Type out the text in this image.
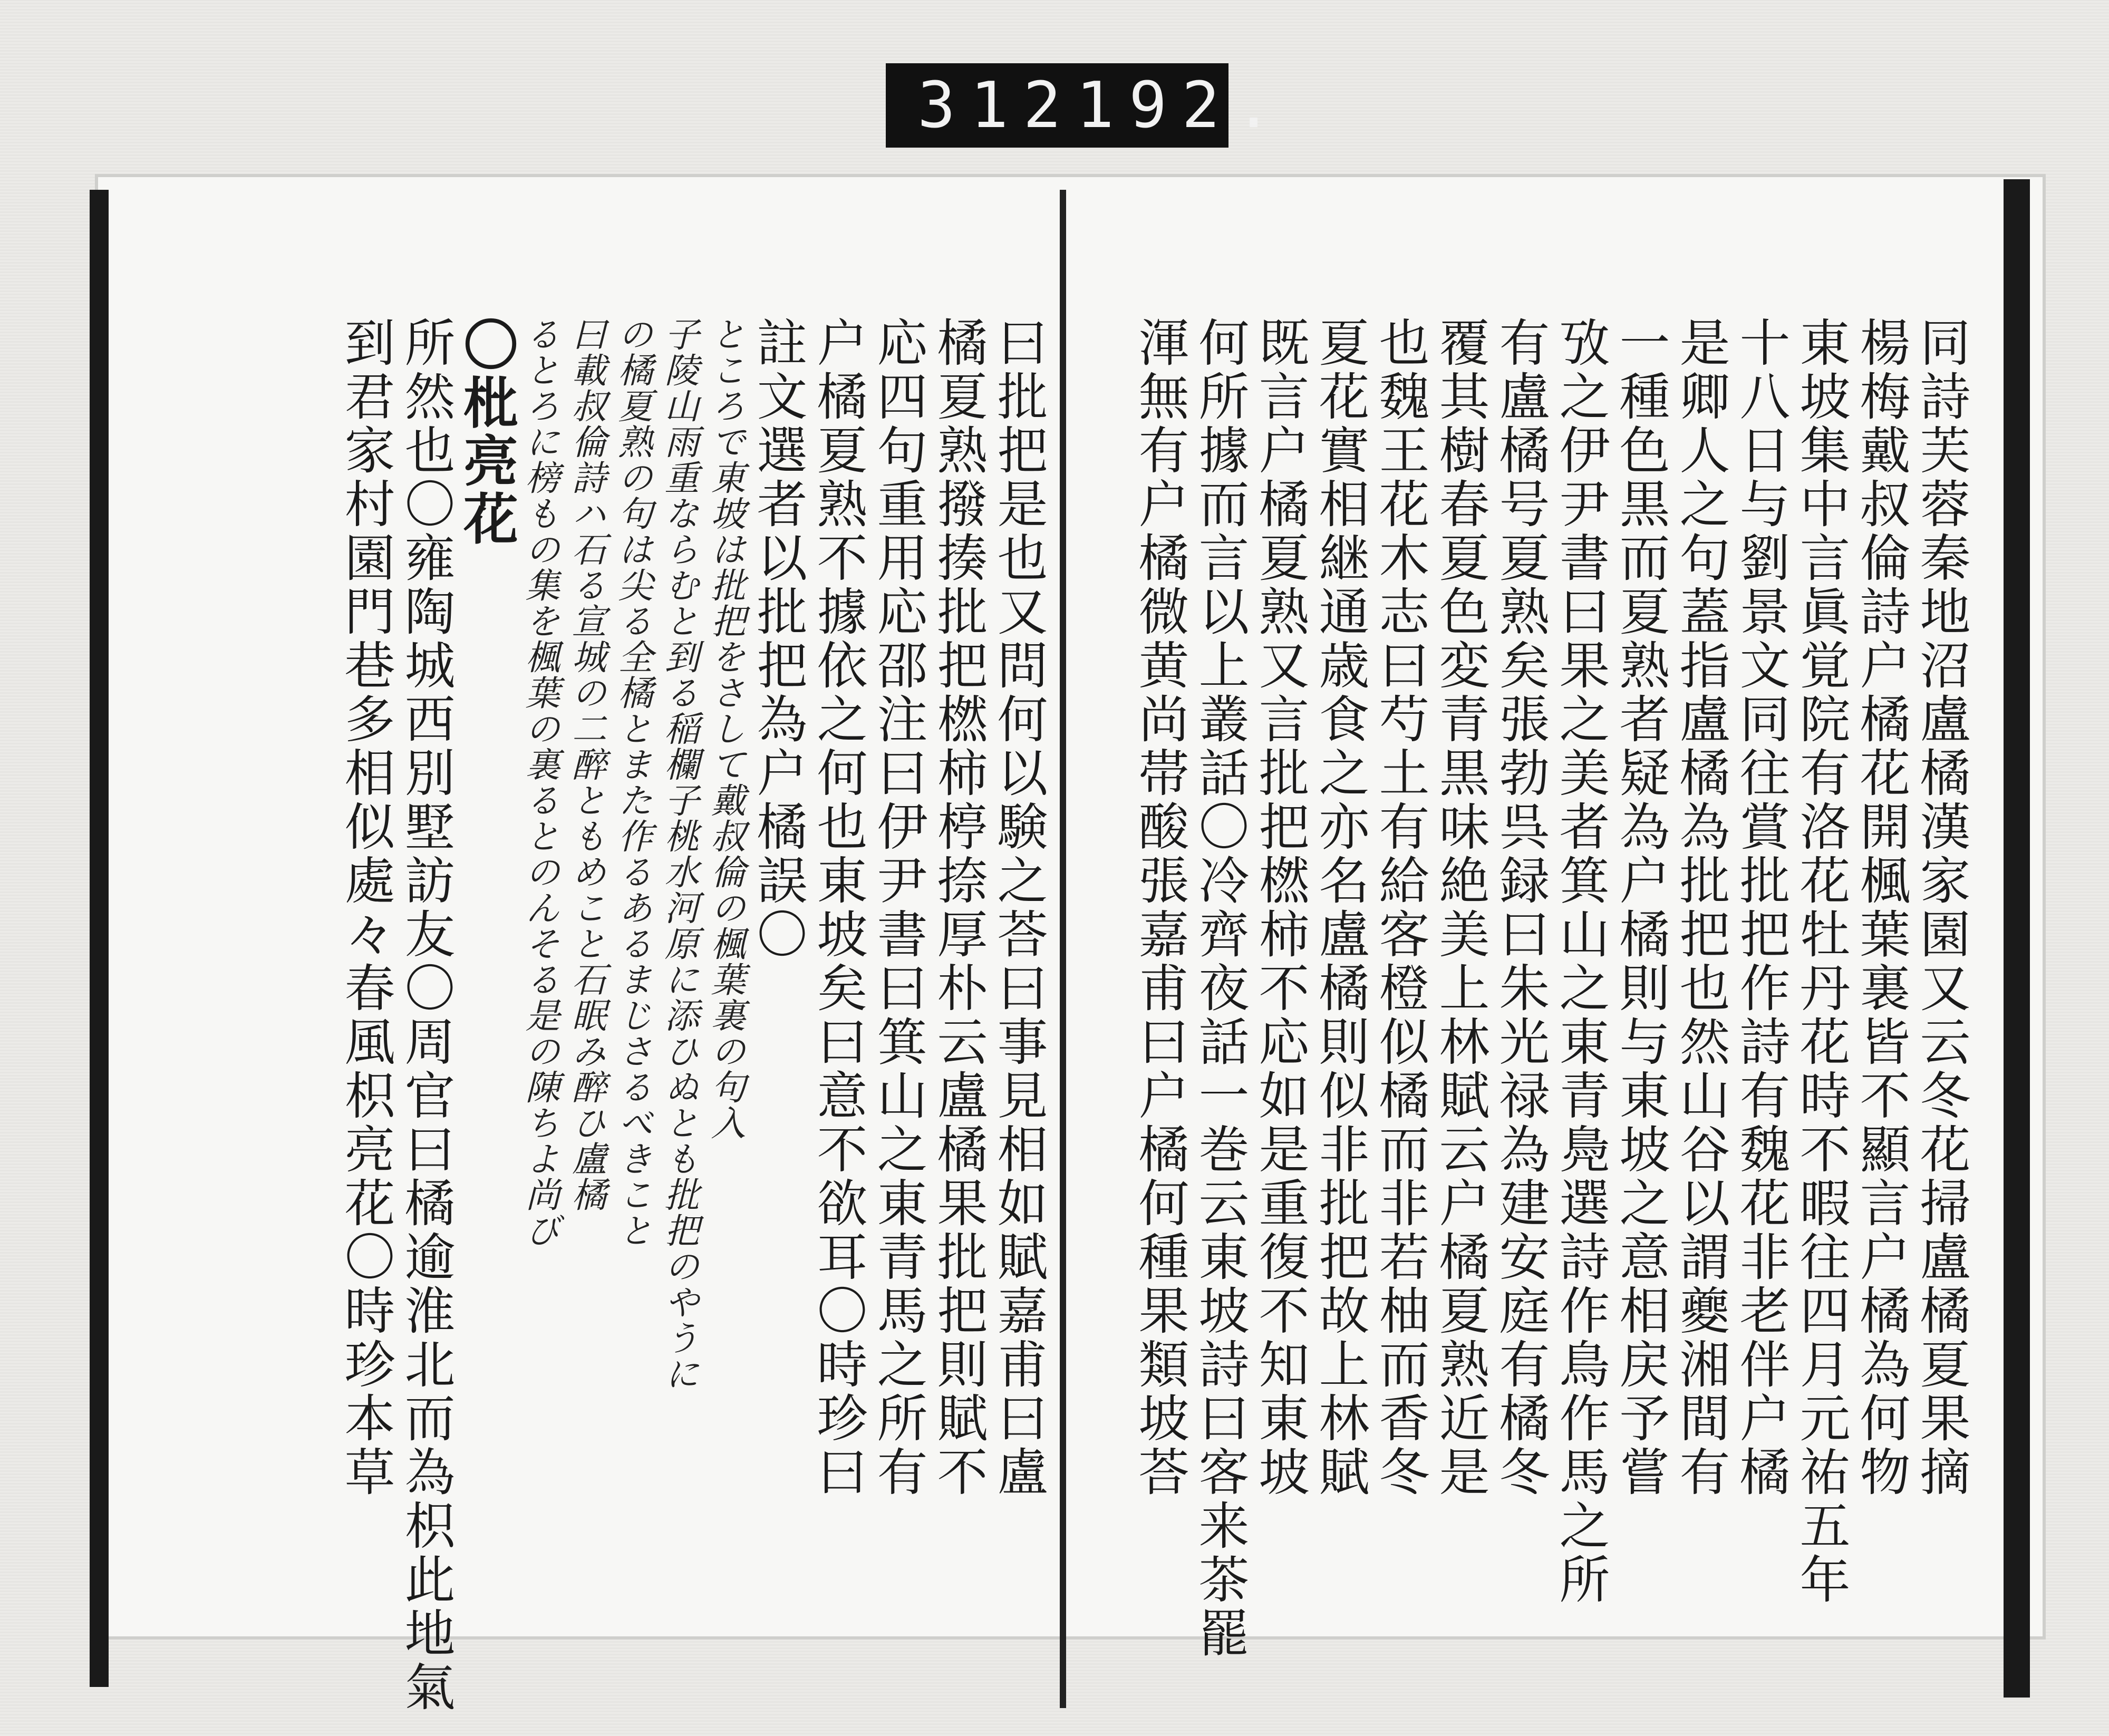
312 192.
同詩芙蓉秦地沼盧橘漢家園又云冬花掃盧橘夏果摘
楊梅戴叔倫詩户橘花開楓葉裏皆不顯言户橘為何物
東坡集中言眞覚院有洛花牡丹花時不暇往四月元祐五年
十八日与劉景文同往賞批把作詩有魏花非老伴户橘
是卿人之句蓋指盧橘為批把也然山谷以謂夔湘間有
一種色黒而夏熟者疑為户橘則与東坡之意相戻予嘗
攷之伊尹書曰果之美者箕山之東青鳧選詩作鳥作馬之所
有盧橘号夏熟矣張勃呉録曰朱光禄為建安庭有橘冬
覆其樹春夏色変青黒味絶美上林賦云户橘夏熟近是
也魏王花木志曰芍土有給客橙似橘而非若柚而香冬
夏花實相継通歳食之亦名盧橘則似非批把故上林賦
既言户橘夏熟又言批把橪柿不応如是重復不知東坡
何所據而言以上叢話〇冷齊夜話一巻云東坡詩曰客来茶罷
渾無有户橘微黄尚帯酸張嘉甫曰户橘何種果類坡荅
曰批把是也又問何以験之荅曰事見相如賦嘉甫曰盧
橘夏熟撥揍批把橪柿楟捺厚朴云盧橘果批把則賦不
応四句重用応邵注曰伊尹書曰箕山之東青馬之所有
户橘夏熟不據依之何也東坡矣曰意不欲耳〇時珍曰
註文選者以批把為户橘誤〇
ところで東坡は批把をさして戴叔倫の楓葉裏の句入
子陵山雨重ならむと到る稲欄子桃水河原に添ひぬとも批把のやうに
の橘夏熟の句は尖る全橘とまた作るあるまじさるべきこと
曰載叔倫詩ハ石る宣城の二醉ともめこと石眠み醉ひ盧橘
るとろに榜もの集を楓葉の裏るとのんそる是の陳ちよ尚び
〇枇亮花
所然也〇雍陶城西別墅訪友〇周官曰橘逾淮北而為枳此地氣
到君家村園門巷多相似處々春風枳亮花〇時珍本草
